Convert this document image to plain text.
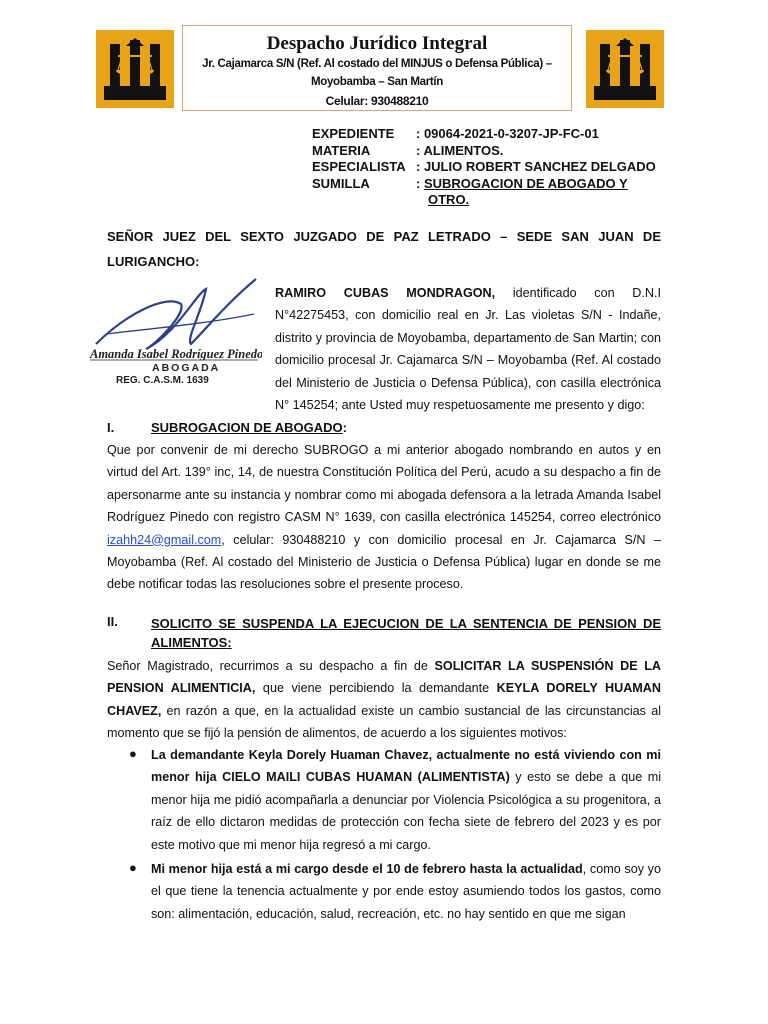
Despacho Jurídico Integral
Jr. Cajamarca S/N (Ref. Al costado del MINJUS o Defensa Pública) –
Moyobamba – San Martín
Celular: 930488210
EXPEDIENTE	: 09064-2021-0-3207-JP-FC-01
MATERIA	: ALIMENTOS.
ESPECIALISTA	: JULIO ROBERT SANCHEZ DELGADO
SUMILLA	: SUBROGACION DE ABOGADO Y
OTRO.
SEÑOR JUEZ DEL SEXTO JUZGADO DE PAZ LETRADO – SEDE SAN JUAN DE LURIGANCHO:
Amanda Isabel Rodríguez Pinedo
ABOGADA
REG. C.A.S.M. 1639
RAMIRO CUBAS MONDRAGON, identificado con D.N.I N°42275453, con domicilio real en Jr. Las violetas S/N - Indañe, distrito y provincia de Moyobamba, departamento de San Martin; con domicilio procesal Jr. Cajamarca S/N – Moyobamba (Ref. Al costado del Ministerio de Justicia o Defensa Pública), con casilla electrónica N° 145254; ante Usted muy respetuosamente me presento y digo:
I.	SUBROGACION DE ABOGADO:
Que por convenir de mi derecho SUBROGO a mi anterior abogado nombrando en autos y en virtud del Art. 139° inc, 14, de nuestra Constitución Política del Perú, acudo a su despacho a fin de apersonarme ante su instancia y nombrar como mi abogada defensora a la letrada Amanda Isabel Rodríguez Pinedo con registro CASM N° 1639, con casilla electrónica 145254, correo electrónico izahh24@gmail.com, celular: 930488210 y con domicilio procesal en Jr. Cajamarca S/N – Moyobamba (Ref. Al costado del Ministerio de Justicia o Defensa Pública) lugar en donde se me debe notificar todas las resoluciones sobre el presente proceso.
II.	SOLICITO SE SUSPENDA LA EJECUCION DE LA SENTENCIA DE PENSION DE ALIMENTOS:
Señor Magistrado, recurrimos a su despacho a fin de SOLICITAR LA SUSPENSIÓN DE LA PENSION ALIMENTICIA, que viene percibiendo la demandante KEYLA DORELY HUAMAN CHAVEZ, en razón a que, en la actualidad existe un cambio sustancial de las circunstancias al momento que se fijó la pensión de alimentos, de acuerdo a los siguientes motivos:
● La demandante Keyla Dorely Huaman Chavez, actualmente no está viviendo con mi menor hija CIELO MAILI CUBAS HUAMAN (ALIMENTISTA) y esto se debe a que mi menor hija me pidió acompañarla a denunciar por Violencia Psicológica a su progenitora, a raíz de ello dictaron medidas de protección con fecha siete de febrero del 2023 y es por este motivo que mi menor hija regresó a mi cargo.
● Mi menor hija está a mi cargo desde el 10 de febrero hasta la actualidad, como soy yo el que tiene la tenencia actualmente y por ende estoy asumiendo todos los gastos, como son: alimentación, educación, salud, recreación, etc. no hay sentido en que me sigan
